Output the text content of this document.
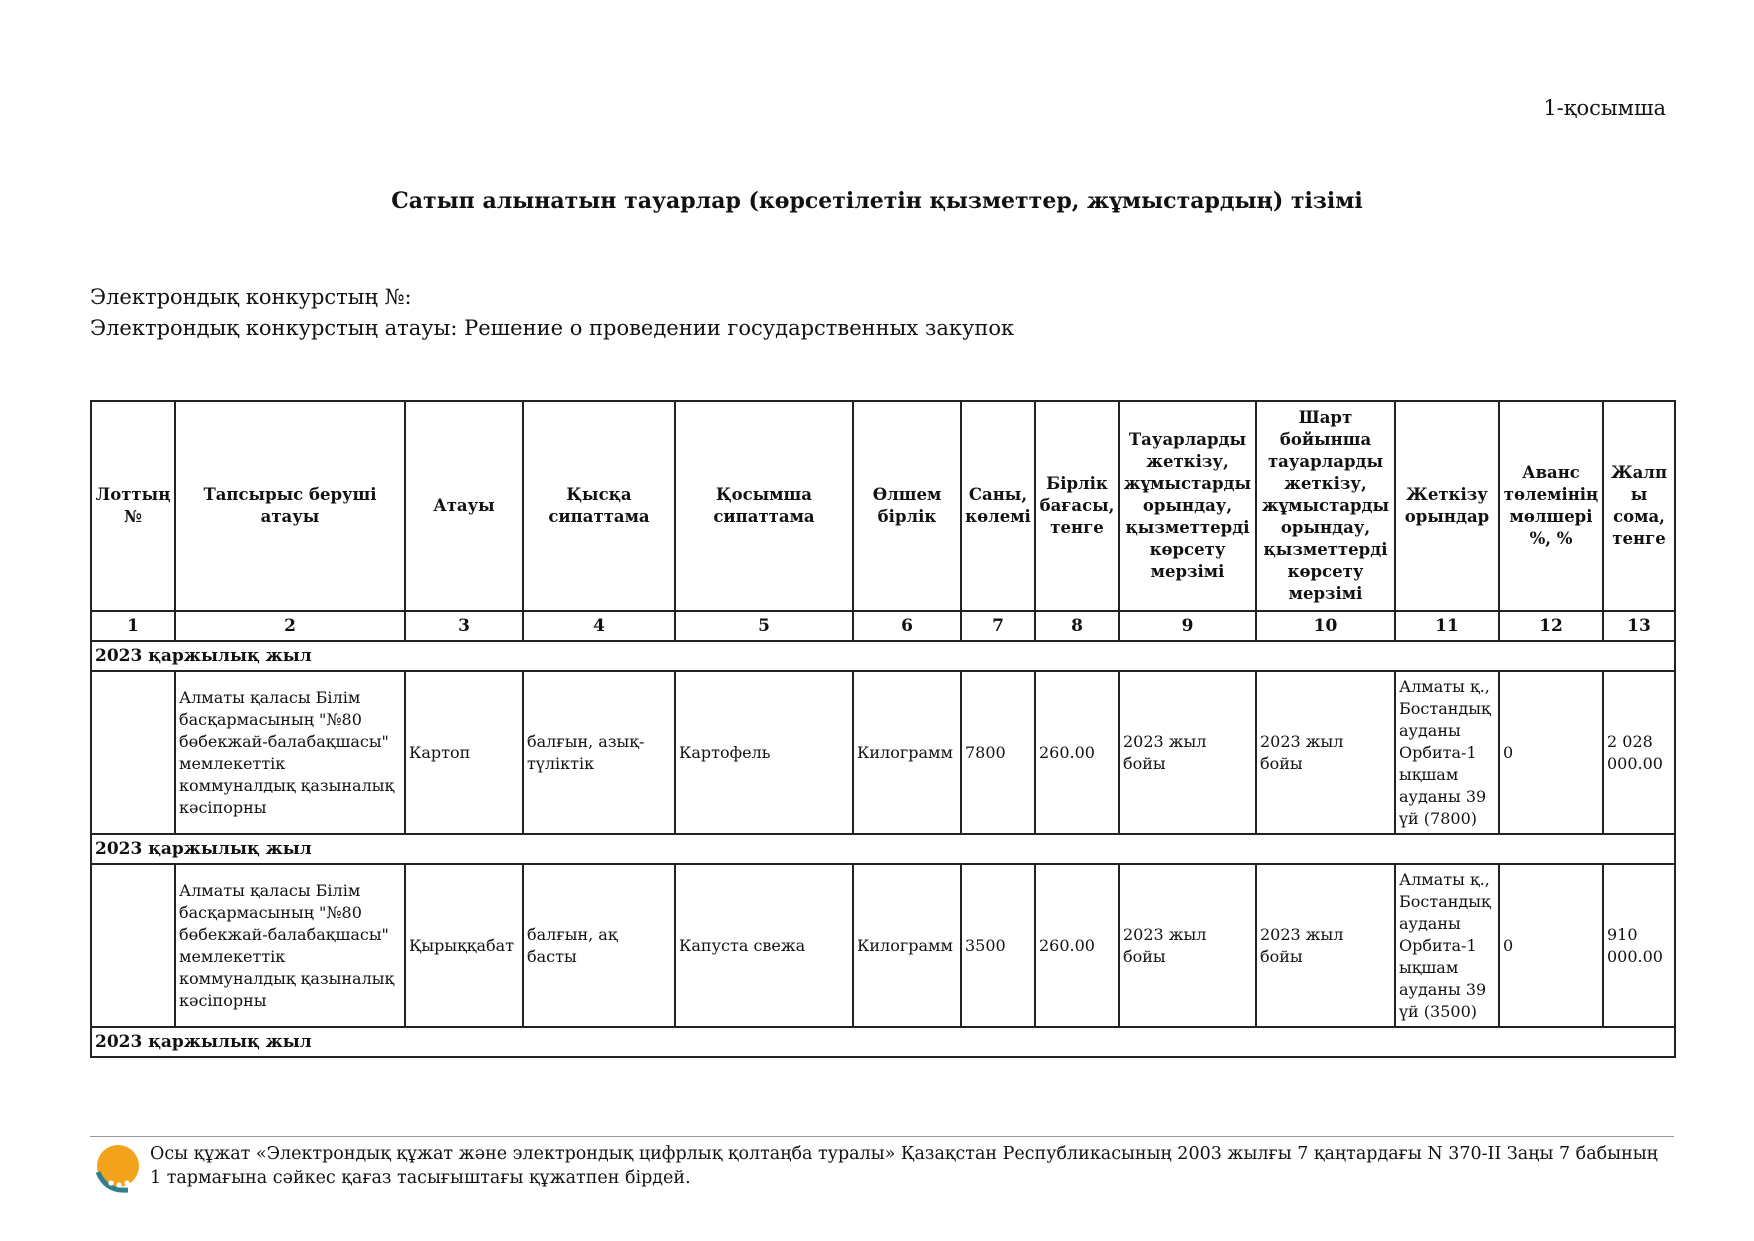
1-қосымша
Сатып алынатын тауарлар (көрсетілетін қызметтер, жұмыстардың) тізімі
Электрондық конкурстың №:
Электрондық конкурстың атауы: Решение о проведении государственных закупок
Лоттың №	Тапсырыс беруші атауы	Атауы	Қысқа сипаттама	Қосымша сипаттама	Өлшем бірлік	Саны, көлемі	Бірлік бағасы, тенге	Тауарларды жеткізу, жұмыстарды орындау, қызметтерді көрсету мерзімі	Шарт бойынша тауарларды жеткізу, жұмыстарды орындау, қызметтерді көрсету мерзімі	Жеткізу орындар	Аванс төлемінің мөлшері %, %	Жалпы сома, тенге
1	2	3	4	5	6	7	8	9	10	11	12	13
2023 қаржылық жыл												
	Алматы қаласы Білім басқармасының "№80 бөбекжай-балабақшасы" мемлекеттік коммуналдық қазыналық кәсіпорны	Картоп	балғын, азық-түліктік	Картофель	Килограмм	7800	260.00	2023 жыл бойы	2023 жыл бойы	Алматы қ., Бостандық ауданы Орбита-1 ықшам ауданы 39 үй (7800)	0	2 028 000.00
2023 қаржылық жыл												
	Алматы қаласы Білім басқармасының "№80 бөбекжай-балабақшасы" мемлекеттік коммуналдық қазыналық кәсіпорны	Қырыққабат	балғын, ақ басты	Капуста свежа	Килограмм	3500	260.00	2023 жыл бойы	2023 жыл бойы	Алматы қ., Бостандық ауданы Орбита-1 ықшам ауданы 39 үй (3500)	0	910 000.00
2023 қаржылық жыл												
Осы құжат «Электрондық құжат және электрондық цифрлық қолтаңба туралы» Қазақстан Республикасының 2003 жылғы 7 қаңтардағы N 370-II Заңы 7 бабының 1 тармағына сәйкес қағаз тасығыштағы құжатпен бірдей.
